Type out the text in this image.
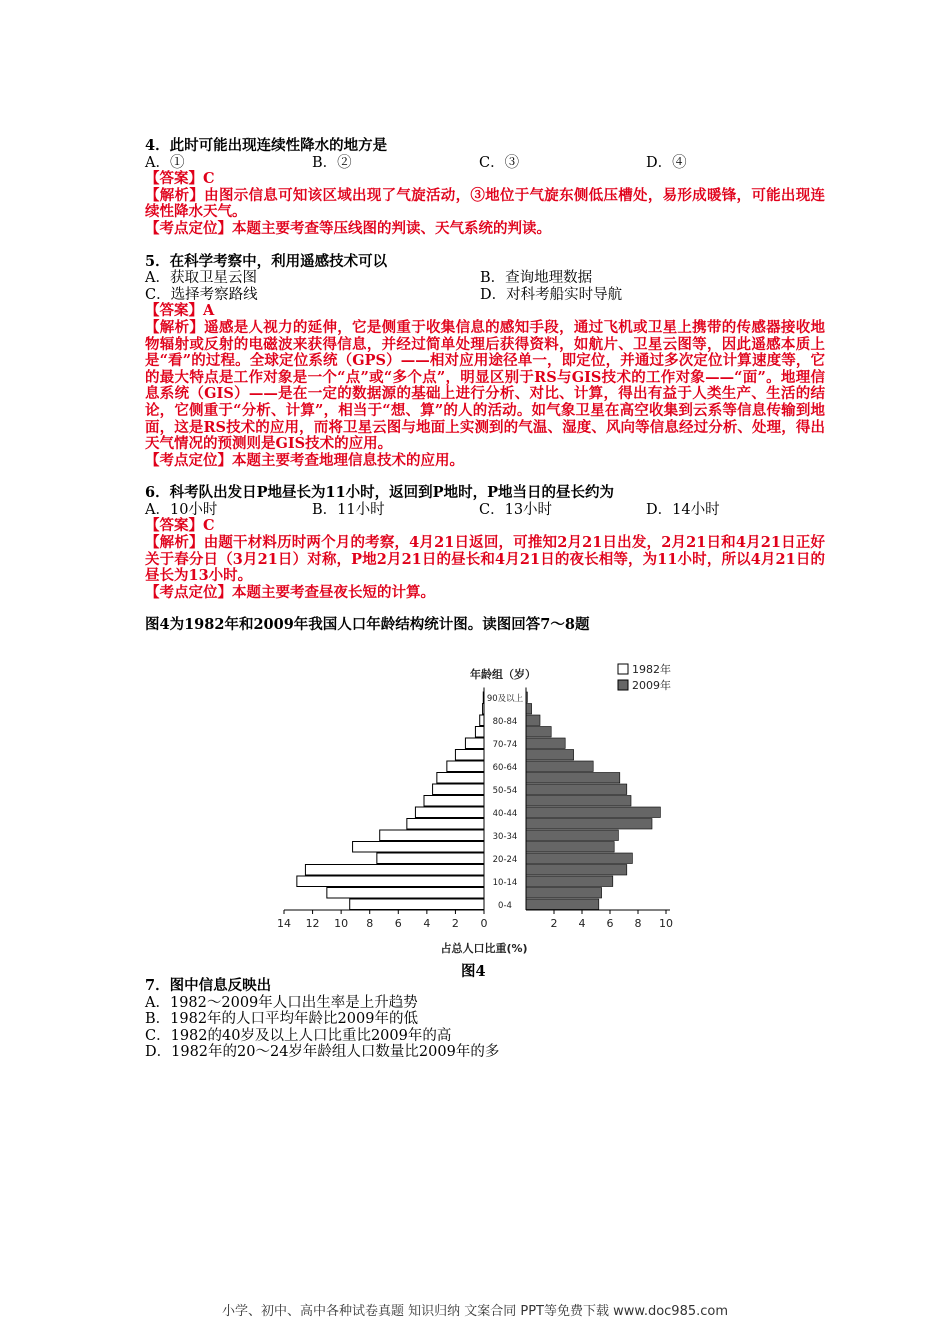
4．此时可能出现连续性降水的地方是
A．①	B．②	C．③	D．④
【答案】C
【解析】由图示信息可知该区域出现了气旋活动，③地位于气旋东侧低压槽处，易形成暖锋，可能出现连续性降水天气。
【考点定位】本题主要考查等压线图的判读、天气系统的判读。
5．在科学考察中，利用遥感技术可以
A．获取卫星云图	B．查询地理数据
C．选择考察路线	D．对科考船实时导航
【答案】A
【解析】遥感是人视力的延伸，它是侧重于收集信息的感知手段，通过飞机或卫星上携带的传感器接收地物辐射或反射的电磁波来获得信息，并经过简单处理后获得资料，如航片、卫星云图等，因此遥感本质上是“看”的过程。全球定位系统（GPS）——相对应用途径单一，即定位，并通过多次定位计算速度等，它的最大特点是工作对象是一个“点”或“多个点”，明显区别于RS与GIS技术的工作对象——“面”。地理信息系统（GIS）——是在一定的数据源的基础上进行分析、对比、计算，得出有益于人类生产、生活的结论，它侧重于“分析、计算”，相当于“想、算”的人的活动。如气象卫星在高空收集到云系等信息传输到地面，这是RS技术的应用，而将卫星云图与地面上实测到的气温、湿度、风向等信息经过分析、处理，得出天气情况的预测则是GIS技术的应用。
【考点定位】本题主要考查地理信息技术的应用。
6．科考队出发日P地昼长为11小时，返回到P地时，P地当日的昼长约为
A．10小时	B．11小时	C．13小时	D．14小时
【答案】C
【解析】由题干材料历时两个月的考察，4月21日返回，可推知2月21日出发，2月21日和4月21日正好关于春分日（3月21日）对称，P地2月21日的昼长和4月21日的夜长相等，为11小时，所以4月21日的昼长为13小时。
【考点定位】本题主要考查昼夜长短的计算。
图4为1982年和2009年我国人口年龄结构统计图。读图回答7～8题
年龄组（岁）	1982年
2009年
0-4
10-14
20-24
30-34
40-44
50-54
60-64
70-74
80-84
90及以上
14 12 10 8 6 4 2 0	2 4 6 8 10
占总人口比重(%)
图4
7．图中信息反映出
A．1982～2009年人口出生率是上升趋势
B．1982年的人口平均年龄比2009年的低
C．1982的40岁及以上人口比重比2009年的高
D．1982年的20～24岁年龄组人口数量比2009年的多
小学、初中、高中各种试卷真题 知识归纳 文案合同 PPT等免费下载 www.doc985.com
